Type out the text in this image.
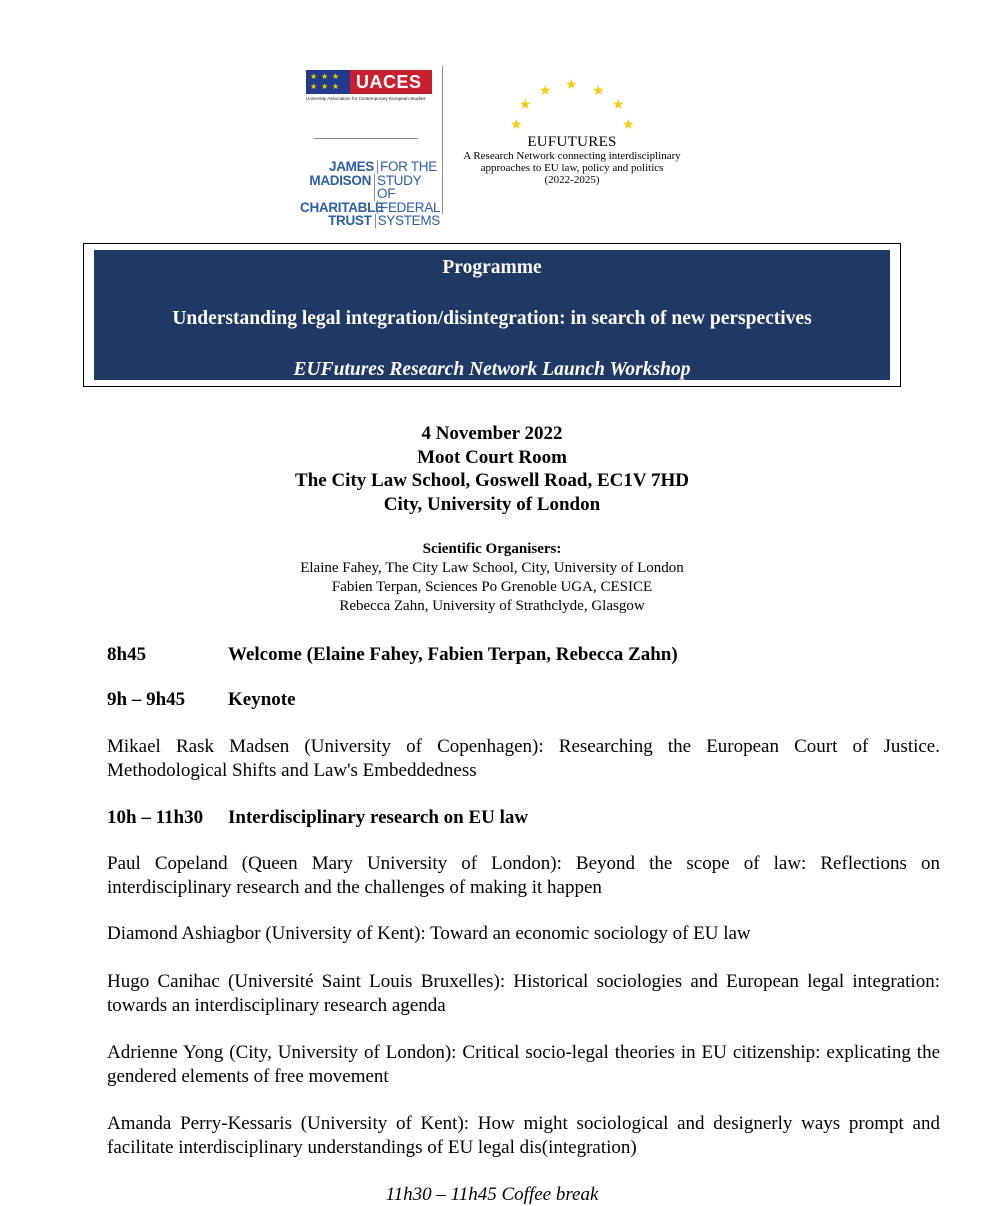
★ ★ ★
★ ★ ★ UACES
University Association for Contemporary European Studies
JAMES FOR THE
MADISON STUDY OF
CHARITABLE
FEDERAL
TRUST SYSTEMS
★
★	★
★	★
★	★
EUFUTURES
A Research Network connecting interdisciplinary
approaches to EU law, policy and politics
(2022-2025)
Programme
Understanding legal integration/disintegration: in search of new perspectives
EUFutures Research Network Launch Workshop
4 November 2022
Moot Court Room
The City Law School, Goswell Road, EC1V 7HD
City, University of London
Scientific Organisers:
Elaine Fahey, The City Law School, City, University of London
Fabien Terpan, Sciences Po Grenoble UGA, CESICE
Rebecca Zahn, University of Strathclyde, Glasgow
8h45	Welcome (Elaine Fahey, Fabien Terpan, Rebecca Zahn)
9h – 9h45 Keynote
Mikael Rask Madsen (University of Copenhagen): Researching the European Court of Justice. Methodological Shifts and Law's Embeddedness
10h – 11h30 Interdisciplinary research on EU law
Paul Copeland (Queen Mary University of London): Beyond the scope of law: Reflections on interdisciplinary research and the challenges of making it happen
Diamond Ashiagbor (University of Kent): Toward an economic sociology of EU law
Hugo Canihac (Université Saint Louis Bruxelles): Historical sociologies and European legal integration: towards an interdisciplinary research agenda
Adrienne Yong (City, University of London): Critical socio-legal theories in EU citizenship: explicating the gendered elements of free movement
Amanda Perry-Kessaris (University of Kent): How might sociological and designerly ways prompt and facilitate interdisciplinary understandings of EU legal dis(integration)
11h30 – 11h45 Coffee break
